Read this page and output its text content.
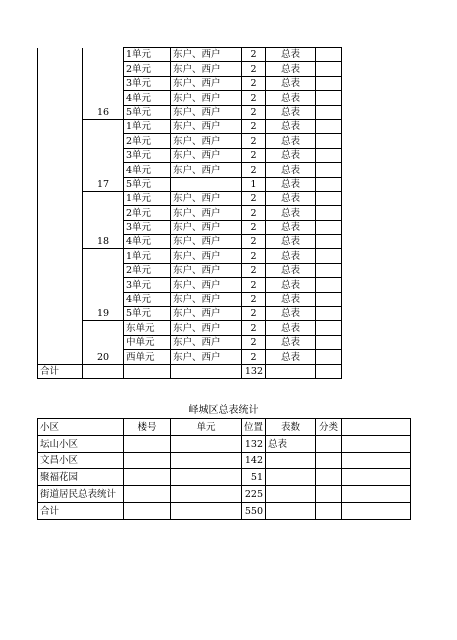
		1单元	东户、西户	2	总表	
		2单元	东户、西户	2	总表	
		3单元	东户、西户	2	总表	
		4单元	东户、西户	2	总表	
	16	5单元	东户、西户	2	总表	
		1单元	东户、西户	2	总表	
		2单元	东户、西户	2	总表	
		3单元	东户、西户	2	总表	
		4单元	东户、西户	2	总表	
	17	5单元		1	总表	
		1单元	东户、西户	2	总表	
		2单元	东户、西户	2	总表	
		3单元	东户、西户	2	总表	
	18	4单元	东户、西户	2	总表	
		1单元	东户、西户	2	总表	
		2单元	东户、西户	2	总表	
		3单元	东户、西户	2	总表	
		4单元	东户、西户	2	总表	
	19	5单元	东户、西户	2	总表	
		东单元	东户、西户	2	总表	
		中单元	东户、西户	2	总表	
	20	西单元	东户、西户	2	总表	
合计				132		
峄城区总表统计
小区	楼号	单元	位置	表数	分类	
坛山小区			132	总表		
文昌小区			142			
聚福花园			51			
街道居民总表统计			225			
合计			550			
